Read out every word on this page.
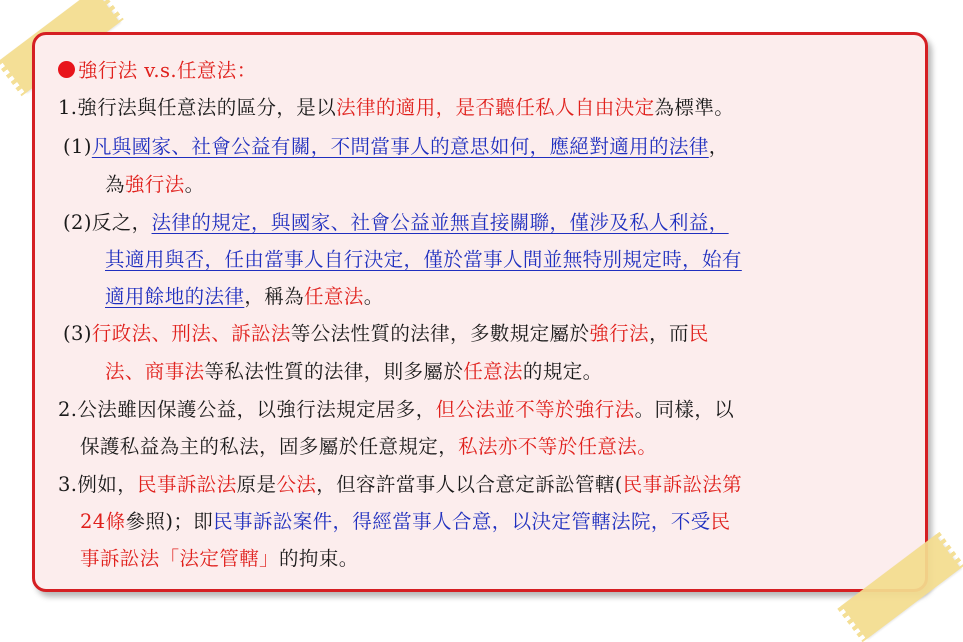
強行法 v.s.任意法：
1.強行法與任意法的區分，是以法律的適用，是否聽任私人自由決定為標準。
(1)凡與國家、社會公益有關，不問當事人的意思如何，應絕對適用的法律，
為強行法。
(2)反之，法律的規定，與國家、社會公益並無直接關聯，僅涉及私人利益，
其適用與否，任由當事人自行決定，僅於當事人間並無特別規定時，始有
適用餘地的法律，稱為任意法。
(3)行政法、刑法、訴訟法等公法性質的法律，多數規定屬於強行法，而民
法、商事法等私法性質的法律，則多屬於任意法的規定。
2.公法雖因保護公益，以強行法規定居多，但公法並不等於強行法。同樣，以
保護私益為主的私法，固多屬於任意規定，私法亦不等於任意法。
3.例如，民事訴訟法原是公法，但容許當事人以合意定訴訟管轄(民事訴訟法第
24條參照)；即民事訴訟案件，得經當事人合意，以決定管轄法院，不受民
事訴訟法「法定管轄」的拘束。
